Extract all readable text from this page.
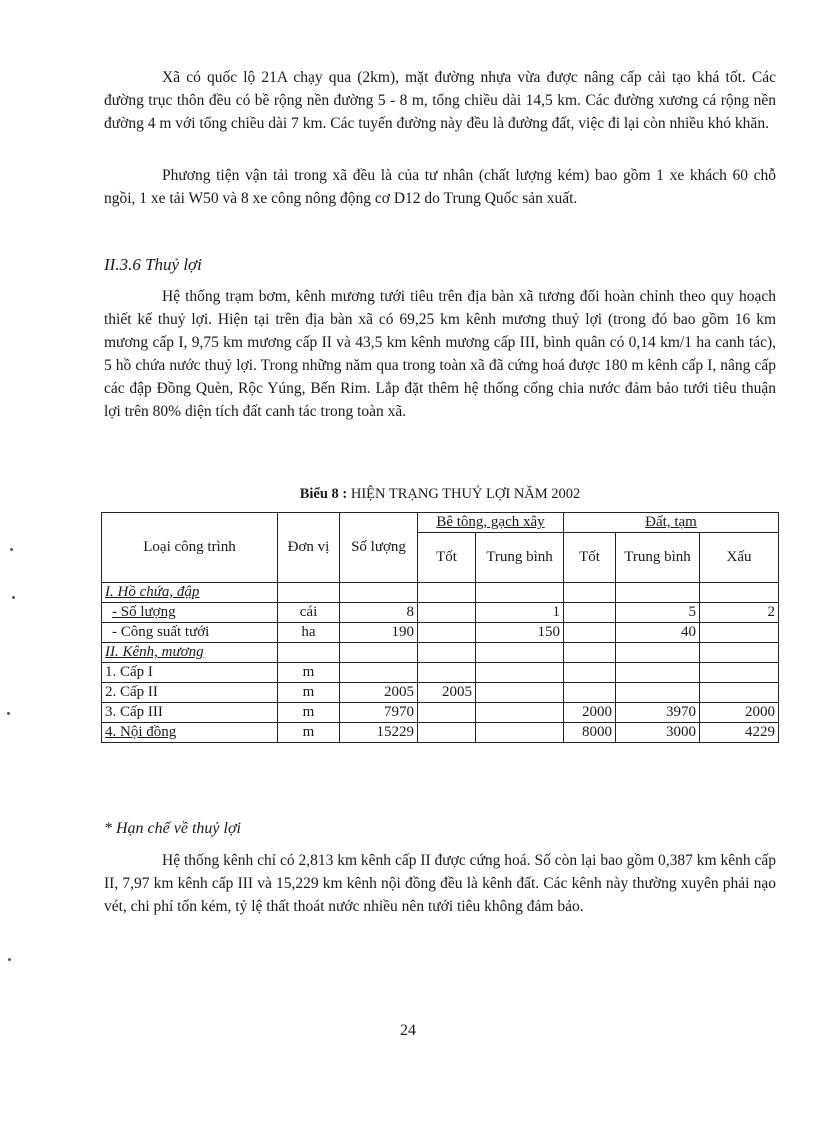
Xã có quốc lộ 21A chạy qua (2km), mặt đường nhựa vừa được nâng cấp cải tạo khá tốt. Các đường trục thôn đều có bề rộng nền đường 5 - 8 m, tổng chiều dài 14,5 km. Các đường xương cá rộng nền đường 4 m với tổng chiều dài 7 km. Các tuyến đường này đều là đường đất, việc đi lại còn nhiều khó khăn.

Phương tiện vận tải trong xã đều là của tư nhân (chất lượng kém) bao gồm 1 xe khách 60 chỗ ngồi, 1 xe tải W50 và 8 xe công nông động cơ D12 do Trung Quốc sản xuất.

II.3.6 Thuỷ lợi

Hệ thống trạm bơm, kênh mương tưới tiêu trên địa bàn xã tương đối hoàn chỉnh theo quy hoạch thiết kế thuỷ lợi. Hiện tại trên địa bàn xã có 69,25 km kênh mương thuỷ lợi (trong đó bao gồm 16 km mương cấp I, 9,75 km mương cấp II và 43,5 km kênh mương cấp III, bình quân có 0,14 km/1 ha canh tác), 5 hồ chứa nước thuỷ lợi. Trong những năm qua trong toàn xã đã cứng hoá được 180 m kênh cấp I, nâng cấp các đập Đồng Quèn, Rộc Yúng, Bến Rim. Lắp đặt thêm hệ thống cống chia nước đảm bảo tưới tiêu thuận lợi trên 80% diện tích đất canh tác trong toàn xã.

Biểu 8 : HIỆN TRẠNG THUỶ LỢI NĂM 2002

Loại công trình	Đơn vị	Số lượng	Bê tông, gạch xây		Đất, tạm		
			Tốt	Trung bình	Tốt	Trung bình	Xấu
I. Hồ chứa, đập							
- Số lượng	cái	8		1		5	2
- Công suất tưới	ha	190		150		40	
II. Kênh, mương							
1. Cấp I	m						
2. Cấp II	m	2005	2005				
3. Cấp III	m	7970			2000	3970	2000
4. Nội đồng	m	15229			8000	3000	4229

* Hạn chế về thuỷ lợi

Hệ thống kênh chỉ có 2,813 km kênh cấp II được cứng hoá. Số còn lại bao gồm 0,387 km kênh cấp II, 7,97 km kênh cấp III và 15,229 km kênh nội đồng đều là kênh đất. Các kênh này thường xuyên phải nạo vét, chi phí tốn kém, tỷ lệ thất thoát nước nhiều nên tưới tiêu không đảm bảo.

24
